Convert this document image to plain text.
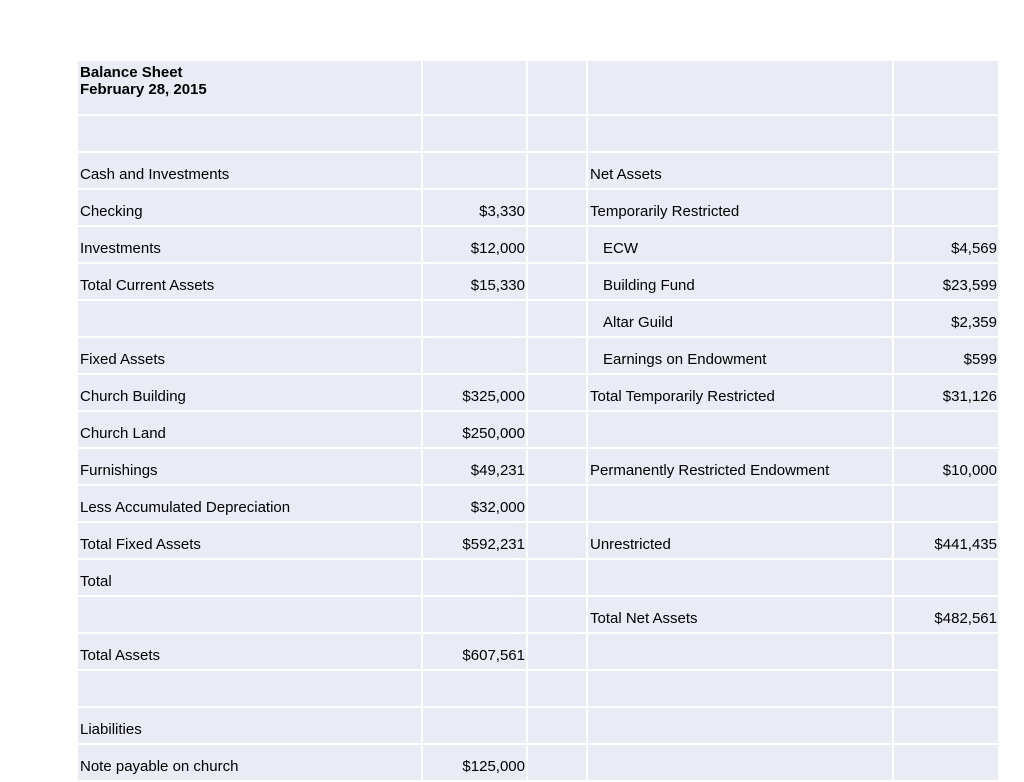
Balance Sheet
February 28, 2015				

Cash and Investments			Net Assets	
Checking	$3,330		Temporarily Restricted	
Investments	$12,000		ECW	$4,569
Total Current Assets	$15,330		Building Fund	$23,599
			Altar Guild	$2,359
Fixed Assets			Earnings on Endowment	$599
Church Building	$325,000		Total Temporarily Restricted	$31,126
Church Land	$250,000			
Furnishings	$49,231		Permanently Restricted Endowment	$10,000
Less Accumulated Depreciation	$32,000			
Total Fixed Assets	$592,231		Unrestricted	$441,435
Total				
			Total Net Assets	$482,561
Total Assets	$607,561			

Liabilities				
Note payable on church	$125,000			
